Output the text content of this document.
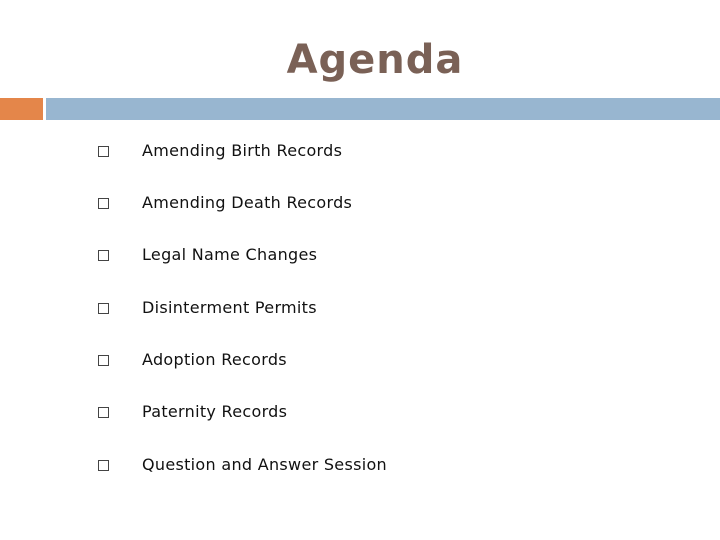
Agenda
Amending Birth Records
Amending Death Records
Legal Name Changes
Disinterment Permits
Adoption Records
Paternity Records
Question and Answer Session
